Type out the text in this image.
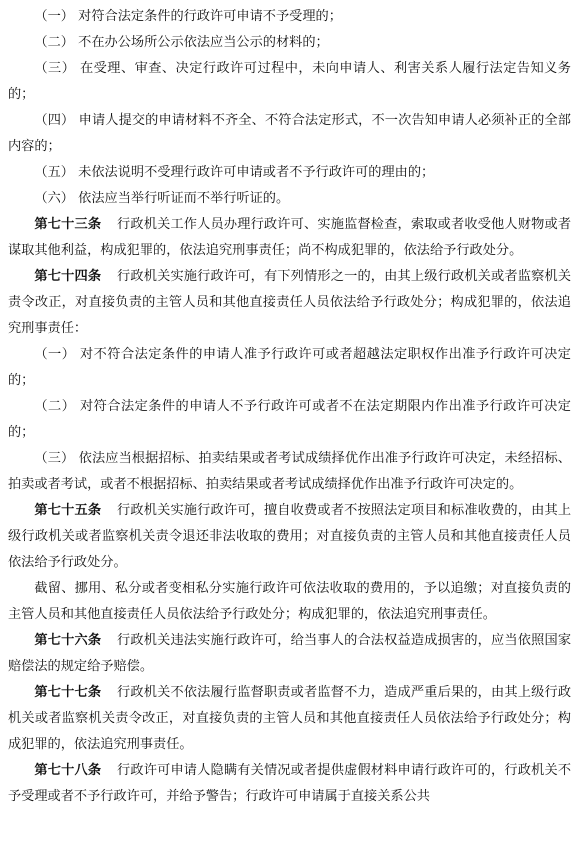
（一） 对符合法定条件的行政许可申请不予受理的；

（二） 不在办公场所公示依法应当公示的材料的；

（三） 在受理、审查、决定行政许可过程中，未向申请人、利害关系人履行法定告知义务的；

（四） 申请人提交的申请材料不齐全、不符合法定形式，不一次告知申请人必须补正的全部内容的；

（五） 未依法说明不受理行政许可申请或者不予行政许可的理由的；

（六） 依法应当举行听证而不举行听证的。

第七十三条 行政机关工作人员办理行政许可、实施监督检查，索取或者收受他人财物或者谋取其他利益，构成犯罪的，依法追究刑事责任；尚不构成犯罪的，依法给予行政处分。

第七十四条 行政机关实施行政许可，有下列情形之一的，由其上级行政机关或者监察机关责令改正，对直接负责的主管人员和其他直接责任人员依法给予行政处分；构成犯罪的，依法追究刑事责任：

（一） 对不符合法定条件的申请人准予行政许可或者超越法定职权作出准予行政许可决定的；

（二） 对符合法定条件的申请人不予行政许可或者不在法定期限内作出准予行政许可决定的；

（三） 依法应当根据招标、拍卖结果或者考试成绩择优作出准予行政许可决定，未经招标、拍卖或者考试，或者不根据招标、拍卖结果或者考试成绩择优作出准予行政许可决定的。

第七十五条 行政机关实施行政许可，擅自收费或者不按照法定项目和标准收费的，由其上级行政机关或者监察机关责令退还非法收取的费用；对直接负责的主管人员和其他直接责任人员依法给予行政处分。

截留、挪用、私分或者变相私分实施行政许可依法收取的费用的，予以追缴；对直接负责的主管人员和其他直接责任人员依法给予行政处分；构成犯罪的，依法追究刑事责任。

第七十六条 行政机关违法实施行政许可，给当事人的合法权益造成损害的，应当依照国家赔偿法的规定给予赔偿。

第七十七条 行政机关不依法履行监督职责或者监督不力，造成严重后果的，由其上级行政机关或者监察机关责令改正，对直接负责的主管人员和其他直接责任人员依法给予行政处分；构成犯罪的，依法追究刑事责任。

第七十八条 行政许可申请人隐瞒有关情况或者提供虚假材料申请行政许可的，行政机关不予受理或者不予行政许可，并给予警告；行政许可申请属于直接关系公共
